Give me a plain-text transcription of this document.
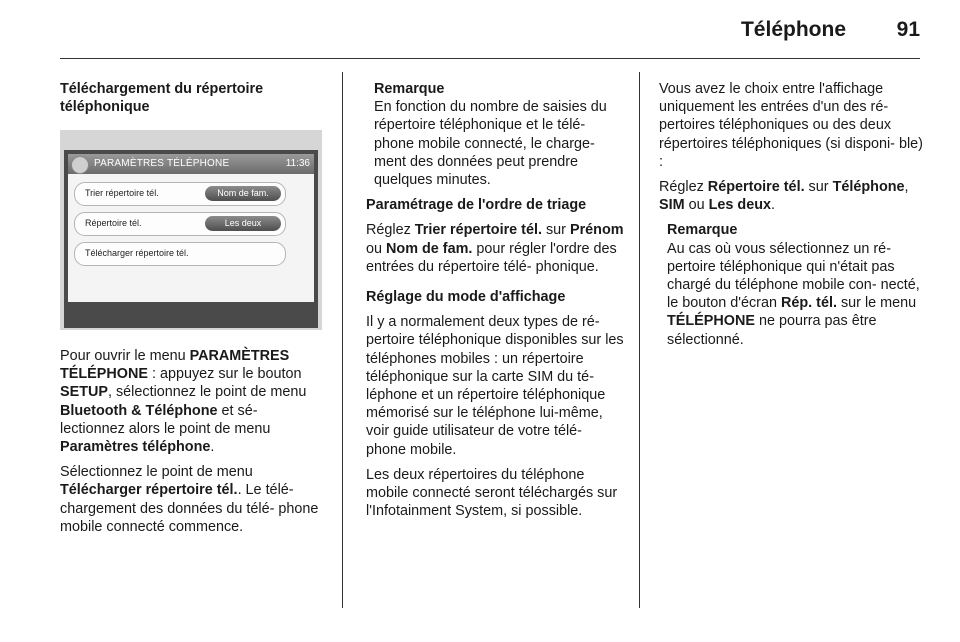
Téléphone 91

Téléchargement du répertoire téléphonique

PARAMÈTRES TÉLÉPHONE	11:36
Trier répertoire tél.	Nom de fam.
Répertoire tél.	Les deux
Télécharger répertoire tél.

Pour ouvrir le menu PARAMÈTRES TÉLÉPHONE : appuyez sur le bouton SETUP, sélectionnez le point de menu Bluetooth & Téléphone et sé- lectionnez alors le point de menu Paramètres téléphone.

Sélectionnez le point de menu Télécharger répertoire tél.. Le télé- chargement des données du télé- phone mobile connecté commence.

Remarque
En fonction du nombre de saisies du répertoire téléphonique et le télé- phone mobile connecté, le charge- ment des données peut prendre quelques minutes.

Paramétrage de l'ordre de triage

Réglez Trier répertoire tél. sur Prénom ou Nom de fam. pour régler l'ordre des entrées du répertoire télé- phonique.

Réglage du mode d'affichage

Il y a normalement deux types de ré- pertoire téléphonique disponibles sur les téléphones mobiles : un répertoire téléphonique sur la carte SIM du té- léphone et un répertoire téléphonique mémorisé sur le téléphone lui-même, voir guide utilisateur de votre télé- phone mobile.

Les deux répertoires du téléphone mobile connecté seront téléchargés sur l'Infotainment System, si possible.

Vous avez le choix entre l'affichage uniquement les entrées d'un des ré- pertoires téléphoniques ou des deux répertoires téléphoniques (si disponi- ble) :

Réglez Répertoire tél. sur Téléphone, SIM ou Les deux.

Remarque
Au cas où vous sélectionnez un ré- pertoire téléphonique qui n'était pas chargé du téléphone mobile con- necté, le bouton d'écran Rép. tél. sur le menu TÉLÉPHONE ne pourra pas être sélectionné.
